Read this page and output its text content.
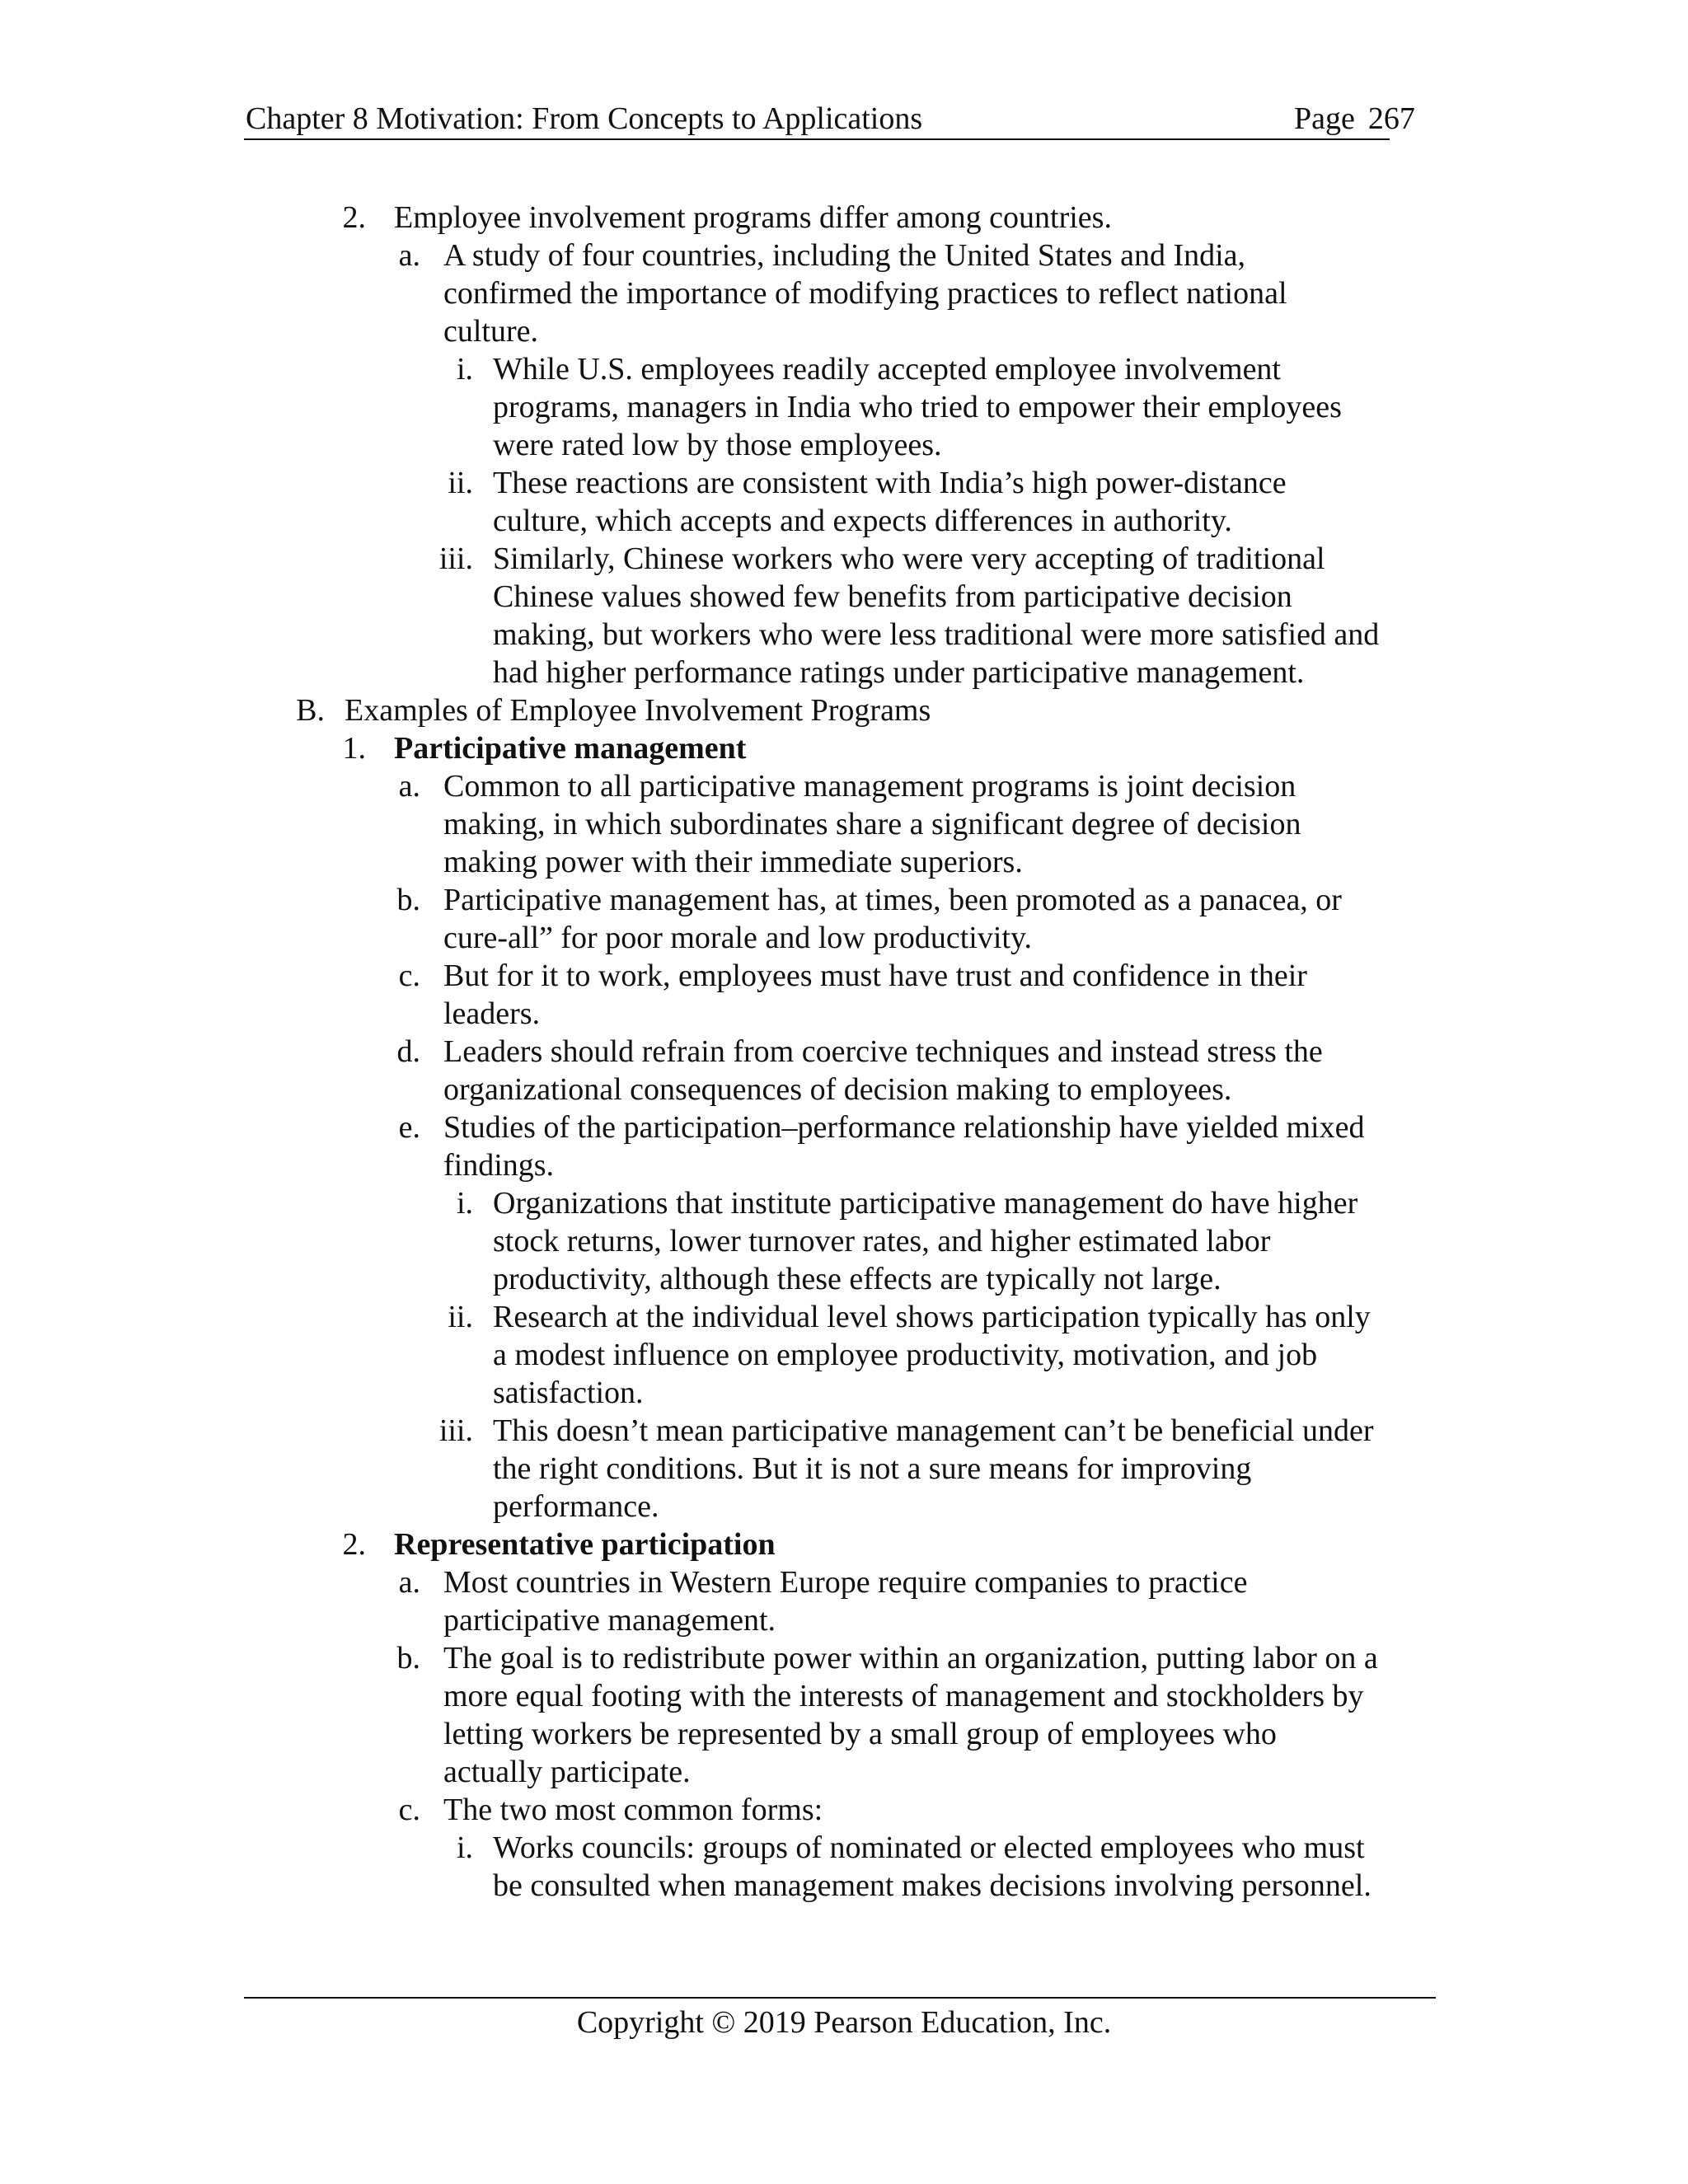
Chapter 8 Motivation: From Concepts to Applications	Page 267
2. Employee involvement programs differ among countries.
a. A study of four countries, including the United States and India,
confirmed the importance of modifying practices to reflect national
culture.
i. While U.S. employees readily accepted employee involvement
programs, managers in India who tried to empower their employees
were rated low by those employees.
ii. These reactions are consistent with India’s high power-distance
culture, which accepts and expects differences in authority.
iii. Similarly, Chinese workers who were very accepting of traditional
Chinese values showed few benefits from participative decision
making, but workers who were less traditional were more satisfied and
had higher performance ratings under participative management.
B. Examples of Employee Involvement Programs
1. Participative management
a. Common to all participative management programs is joint decision
making, in which subordinates share a significant degree of decision
making power with their immediate superiors.
b. Participative management has, at times, been promoted as a panacea, or
cure-all” for poor morale and low productivity.
c. But for it to work, employees must have trust and confidence in their
leaders.
d. Leaders should refrain from coercive techniques and instead stress the
organizational consequences of decision making to employees.
e. Studies of the participation–performance relationship have yielded mixed
findings.
i. Organizations that institute participative management do have higher
stock returns, lower turnover rates, and higher estimated labor
productivity, although these effects are typically not large.
ii. Research at the individual level shows participation typically has only
a modest influence on employee productivity, motivation, and job
satisfaction.
iii. This doesn’t mean participative management can’t be beneficial under
the right conditions. But it is not a sure means for improving
performance.
2. Representative participation
a. Most countries in Western Europe require companies to practice
participative management.
b. The goal is to redistribute power within an organization, putting labor on a
more equal footing with the interests of management and stockholders by
letting workers be represented by a small group of employees who
actually participate.
c. The two most common forms:
i. Works councils: groups of nominated or elected employees who must
be consulted when management makes decisions involving personnel.
Copyright © 2019 Pearson Education, Inc.
